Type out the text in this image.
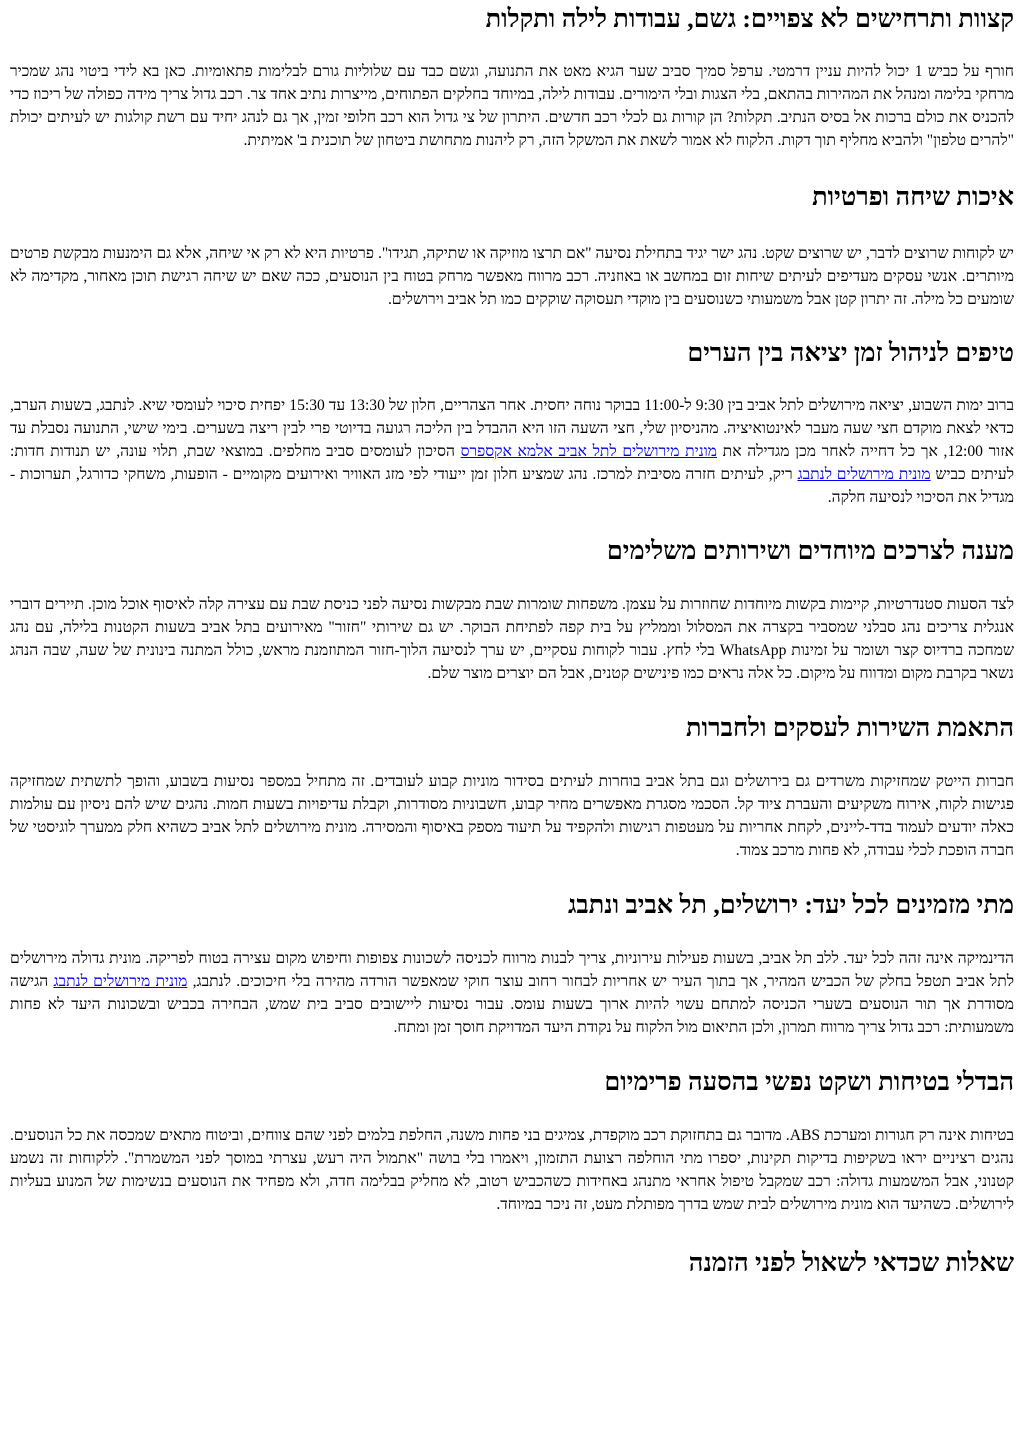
קצוות ותרחישים לא צפויים: גשם, עבודות לילה ותקלות

חורף על כביש 1 יכול להיות עניין דרמטי. ערפל סמיך סביב שער הגיא מאט את התנועה, וגשם כבד עם שלוליות גורם לבלימות פתאומיות. כאן בא לידי ביטוי נהג שמכיר מרחקי בלימה ומנהל את המהירות בהתאם, בלי הצגות ובלי הימורים. עבודות לילה, במיוחד בחלקים הפתוחים, מייצרות נתיב אחד צר. רכב גדול צריך מידה כפולה של ריכוז כדי להכניס את כולם ברכות אל בסיס הנתיב. תקלות? הן קורות גם לכלי רכב חדשים. היתרון של צי גדול הוא רכב חלופי זמין, אך גם לנהג יחיד עם רשת קולגות יש לעיתים יכולת "להרים טלפון" ולהביא מחליף תוך דקות. הלקוח לא אמור לשאת את המשקל הזה, רק ליהנות מתחושת ביטחון של תוכנית ב' אמיתית.

איכות שיחה ופרטיות

יש לקוחות שרוצים לדבר, יש שרוצים שקט. נהג ישר יגיד בתחילת נסיעה "אם תרצו מוזיקה או שתיקה, תגידו". פרטיות היא לא רק אי שיחה, אלא גם הימנעות מבקשת פרטים מיותרים. אנשי עסקים מעדיפים לעיתים שיחות זום במחשב או באוזניה. רכב מרווח מאפשר מרחק בטוח בין הנוסעים, ככה שאם יש שיחה רגישת תוכן מאחור, מקדימה לא שומעים כל מילה. זה יתרון קטן אבל משמעותי כשנוסעים בין מוקדי תעסוקה שוקקים כמו תל אביב וירושלים.

טיפים לניהול זמן יציאה בין הערים

ברוב ימות השבוע, יציאה מירושלים לתל אביב בין 9:30 ל-11:00 בבוקר נוחה יחסית. אחר הצהריים, חלון של 13:30 עד 15:30 יפחית סיכוי לעומסי שיא. לנתבג, בשעות הערב, כדאי לצאת מוקדם חצי שעה מעבר לאינטואיציה. מהניסיון שלי, חצי השעה הזו היא ההבדל בין הליכה רגועה בדיוטי פרי לבין ריצה בשערים. בימי שישי, התנועה נסבלת עד אזור 12:00, אך כל דחייה לאחר מכן מגדילה את מונית מירושלים לתל אביב אלמא אקספרס הסיכון לעומסים סביב מחלפים. במוצאי שבת, תלוי עונה, יש תנודות חדות: לעיתים כביש מונית מירושלים לנתבג ריק, לעיתים חזרה מסיבית למרכז. נהג שמציע חלון זמן ייעודי לפי מזג האוויר ואירועים מקומיים - הופעות, משחקי כדורגל, תערוכות - מגדיל את הסיכוי לנסיעה חלקה.

מענה לצרכים מיוחדים ושירותים משלימים

לצד הסעות סטנדרטיות, קיימות בקשות מיוחדות שחוזרות על עצמן. משפחות שומרות שבת מבקשות נסיעה לפני כניסת שבת עם עצירה קלה לאיסוף אוכל מוכן. תיירים דוברי אנגלית צריכים נהג סבלני שמסביר בקצרה את המסלול וממליץ על בית קפה לפתיחת הבוקר. יש גם שירותי "חזור" מאירועים בתל אביב בשעות הקטנות בלילה, עם נהג שמחכה ברדיוס קצר ושומר על זמינות WhatsApp בלי לחץ. עבור לקוחות עסקיים, יש ערך לנסיעה הלוך-חזור המתוזמנת מראש, כולל המתנה בינונית של שעה, שבה הנהג נשאר בקרבת מקום ומדווח על מיקום. כל אלה נראים כמו פינישים קטנים, אבל הם יוצרים מוצר שלם.

התאמת השירות לעסקים ולחברות

חברות הייטק שמחזיקות משרדים גם בירושלים וגם בתל אביב בוחרות לעיתים בסידור מוניות קבוע לעובדים. זה מתחיל במספר נסיעות בשבוע, והופך לתשתית שמחזיקה פגישות לקוח, אירוח משקיעים והעברת ציוד קל. הסכמי מסגרת מאפשרים מחיר קבוע, חשבוניות מסודרות, וקבלת עדיפויות בשעות חמות. נהגים שיש להם ניסיון עם עולמות כאלה יודעים לעמוד בדד-ליינים, לקחת אחריות על מעטפות רגישות ולהקפיד על תיעוד מספק באיסוף והמסירה. מונית מירושלים לתל אביב כשהיא חלק ממערך לוגיסטי של חברה הופכת לכלי עבודה, לא פחות מרכב צמוד.

מתי מזמינים לכל יעד: ירושלים, תל אביב ונתבג

הדינמיקה אינה זהה לכל יעד. ללב תל אביב, בשעות פעילות עירוניות, צריך לבנות מרווח לכניסה לשכונות צפופות וחיפוש מקום עצירה בטוח לפריקה. מונית גדולה מירושלים לתל אביב תטפל בחלק של הכביש המהיר, אך בתוך העיר יש אחריות לבחור רחוב עוצר חוקי שמאפשר הורדה מהירה בלי חיכוכים. לנתבג, מונית מירושלים לנתבג הגישה מסודרת אך תור הנוסעים בשערי הכניסה למתחם עשוי להיות ארוך בשעות עומס. עבור נסיעות ליישובים סביב בית שמש, הבחירה בכביש ובשכונות היעד לא פחות משמעותית: רכב גדול צריך מרווח תמרון, ולכן התיאום מול הלקוח על נקודת היעד המדויקת חוסך זמן ומתח.

הבדלי בטיחות ושקט נפשי בהסעה פרימיום

בטיחות אינה רק חגורות ומערכת ABS. מדובר גם בתחזוקת רכב מוקפדת, צמיגים בני פחות משנה, החלפת בלמים לפני שהם צווחים, וביטוח מתאים שמכסה את כל הנוסעים. נהגים רציניים יראו בשקיפות בדיקות תקינות, יספרו מתי הוחלפה רצועת התזמון, ויאמרו בלי בושה "אתמול היה רעש, עצרתי במוסך לפני המשמרת". ללקוחות זה נשמע קטנוני, אבל המשמעות גדולה: רכב שמקבל טיפול אחראי מתנהג באחידות כשהכביש רטוב, לא מחליק בבלימה חדה, ולא מפחיד את הנוסעים בנשימות של המנוע בעליות לירושלים. כשהיעד הוא מונית מירושלים לבית שמש בדרך מפותלת מעט, זה ניכר במיוחד.

שאלות שכדאי לשאול לפני הזמנה
